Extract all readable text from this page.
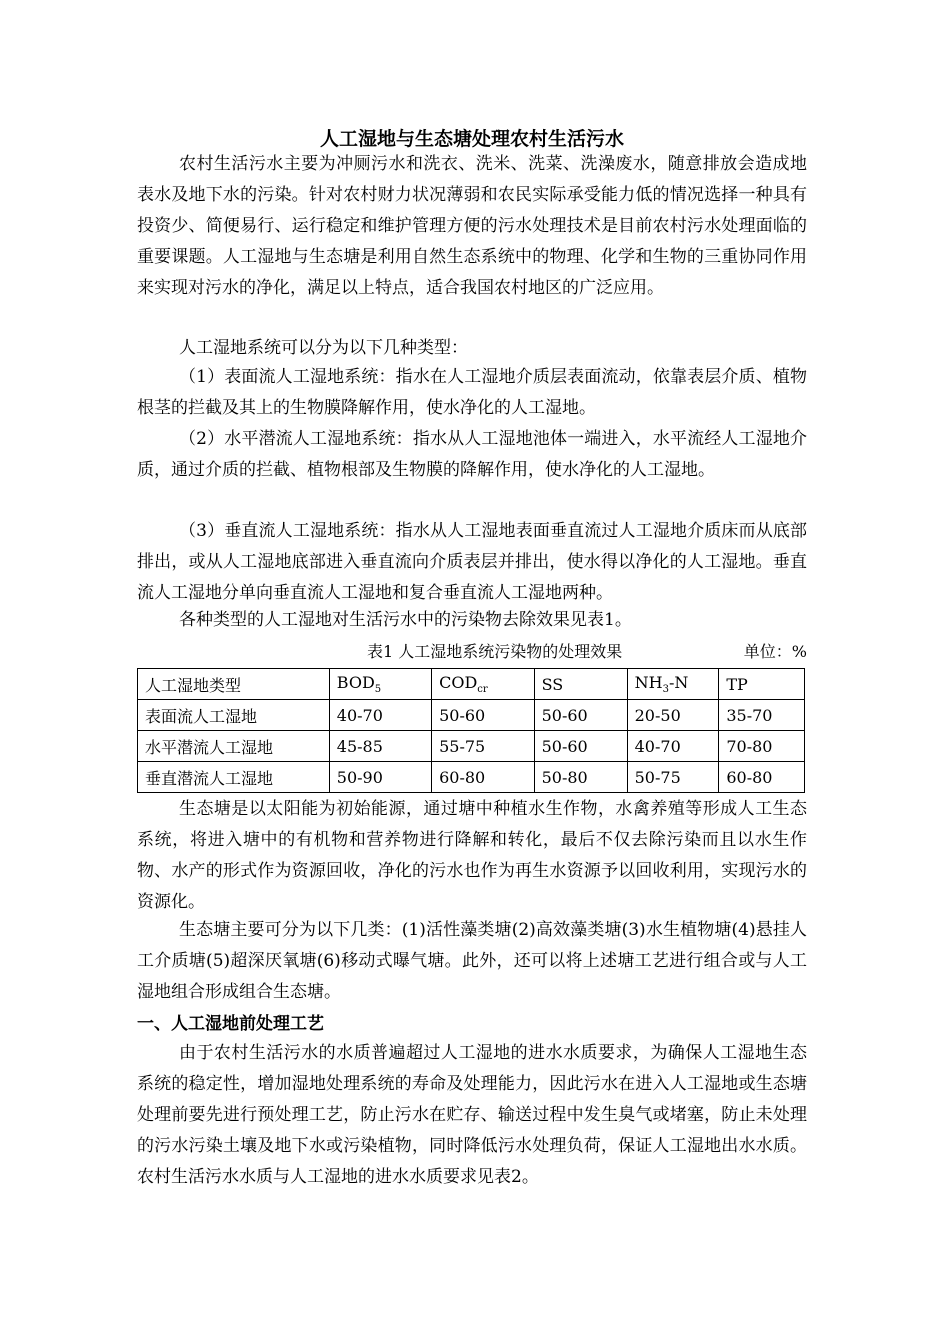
人工湿地与生态塘处理农村生活污水

农村生活污水主要为冲厕污水和洗衣、洗米、洗菜、洗澡废水，随意排放会造成地表水及地下水的污染。针对农村财力状况薄弱和农民实际承受能力低的情况选择一种具有投资少、简便易行、运行稳定和维护管理方便的污水处理技术是目前农村污水处理面临的重要课题。人工湿地与生态塘是利用自然生态系统中的物理、化学和生物的三重协同作用来实现对污水的净化，满足以上特点，适合我国农村地区的广泛应用。

人工湿地系统可以分为以下几种类型：

（1）表面流人工湿地系统：指水在人工湿地介质层表面流动，依靠表层介质、植物根茎的拦截及其上的生物膜降解作用，使水净化的人工湿地。

（2）水平潜流人工湿地系统：指水从人工湿地池体一端进入，水平流经人工湿地介质，通过介质的拦截、植物根部及生物膜的降解作用，使水净化的人工湿地。

（3）垂直流人工湿地系统：指水从人工湿地表面垂直流过人工湿地介质床而从底部排出，或从人工湿地底部进入垂直流向介质表层并排出，使水得以净化的人工湿地。垂直流人工湿地分单向垂直流人工湿地和复合垂直流人工湿地两种。

各种类型的人工湿地对生活污水中的污染物去除效果见表1。

表1 人工湿地系统污染物的处理效果	单位：%
人工湿地类型	$BOD_5$	$COD_{cr}$	SS	$NH_3-N$	TP
表面流人工湿地	40-70	50-60	50-60	20-50	35-70
水平潜流人工湿地	45-85	55-75	50-60	40-70	70-80
垂直潜流人工湿地	50-90	60-80	50-80	50-75	60-80

生态塘是以太阳能为初始能源，通过塘中种植水生作物，水禽养殖等形成人工生态系统，将进入塘中的有机物和营养物进行降解和转化，最后不仅去除污染而且以水生作物、水产的形式作为资源回收，净化的污水也作为再生水资源予以回收利用，实现污水的资源化。

生态塘主要可分为以下几类：(1)活性藻类塘(2)高效藻类塘(3)水生植物塘(4)悬挂人工介质塘(5)超深厌氧塘(6)移动式曝气塘。此外，还可以将上述塘工艺进行组合或与人工湿地组合形成组合生态塘。

一、人工湿地前处理工艺

由于农村生活污水的水质普遍超过人工湿地的进水水质要求，为确保人工湿地生态系统的稳定性，增加湿地处理系统的寿命及处理能力，因此污水在进入人工湿地或生态塘处理前要先进行预处理工艺，防止污水在贮存、输送过程中发生臭气或堵塞，防止未处理的污水污染土壤及地下水或污染植物，同时降低污水处理负荷，保证人工湿地出水水质。农村生活污水水质与人工湿地的进水水质要求见表2。
